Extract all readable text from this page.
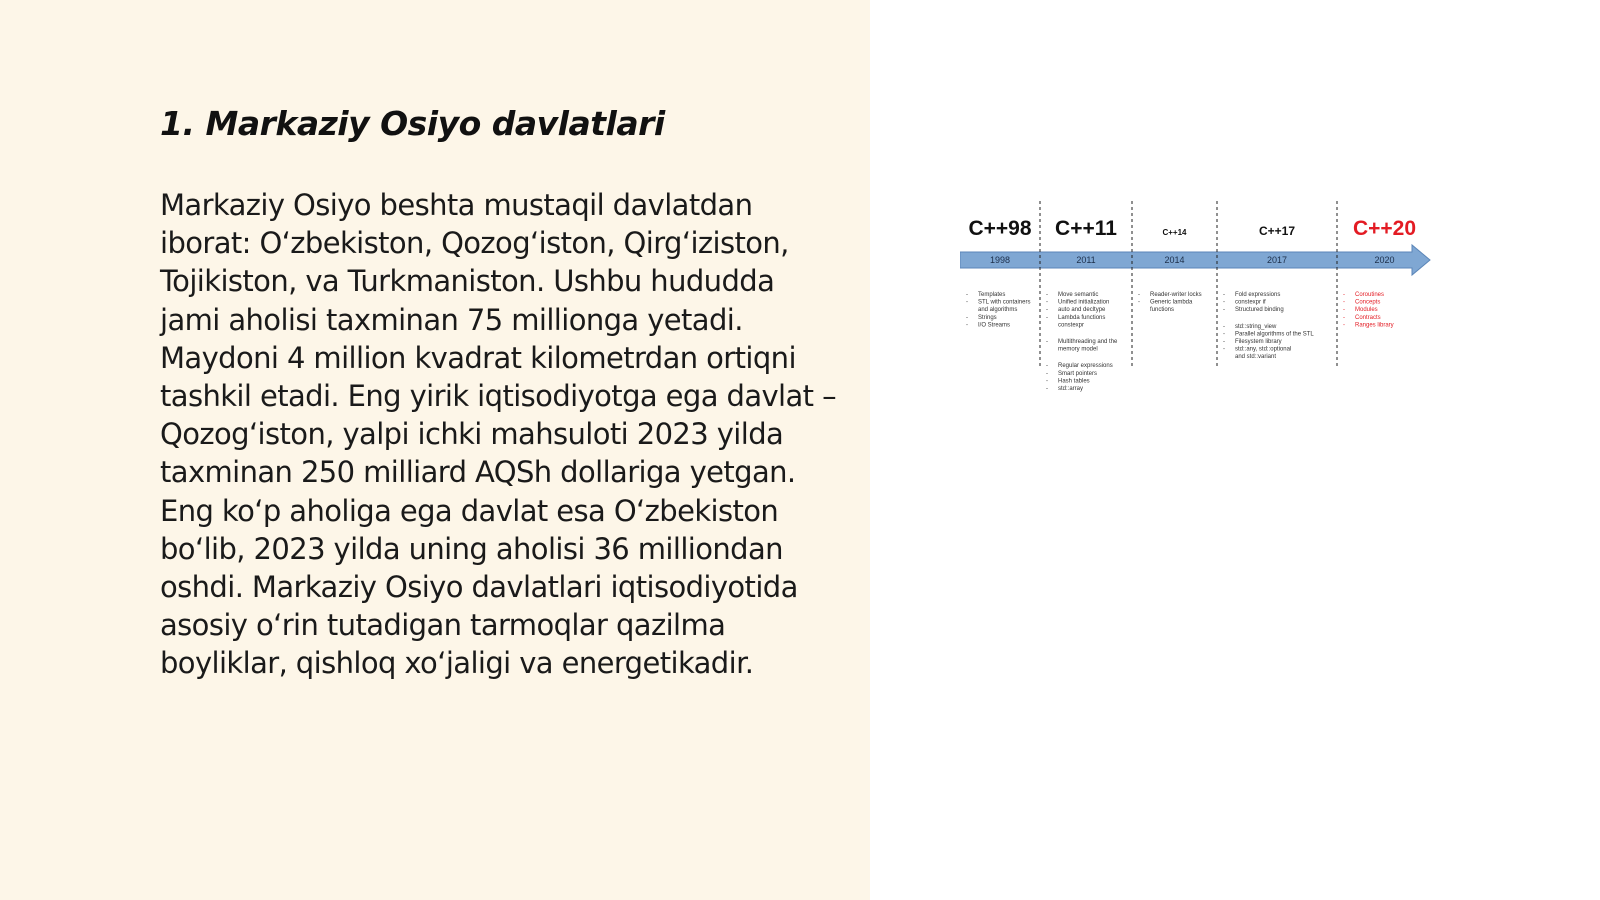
1. Markaziy Osiyo davlatlari

Markaziy Osiyo beshta mustaqil davlatdan iborat: O‘zbekiston, Qozog‘iston, Qirg‘iziston, Tojikiston, va Turkmaniston. Ushbu hududda jami aholisi taxminan 75 millionga yetadi. Maydoni 4 million kvadrat kilometrdan ortiqni tashkil etadi. Eng yirik iqtisodiyotga ega davlat – Qozog‘iston, yalpi ichki mahsuloti 2023 yilda taxminan 250 milliard AQSh dollariga yetgan. Eng ko‘p aholiga ega davlat esa O‘zbekiston bo‘lib, 2023 yilda uning aholisi 36 milliondan oshdi. Markaziy Osiyo davlatlari iqtisodiyotida asosiy o‘rin tutadigan tarmoqlar qazilma boyliklar, qishloq xo‘jaligi va energetikadir.

C++98
1998
- Templates
- STL with containers
and algorithms
- Strings
- I/O Streams
C++11
2011
- Move semantic
- Unified initialization
- auto and decltype
- Lambda functions
constexpr
- Multithreading and the
memory model
- Regular expressions
- Smart pointers
- Hash tables
- std::array
C++14
2014
- Reader-writer locks
- Generic lambda
functions
C++17
2017
- Fold expressions
- constexpr if
- Structured binding
- std::string_view
- Parallel algorithms of the STL
- Filesystem library
- std::any, std::optional
and std::variant
C++20
2020
- Coroutines
- Concepts
- Modules
- Contracts
- Ranges library
